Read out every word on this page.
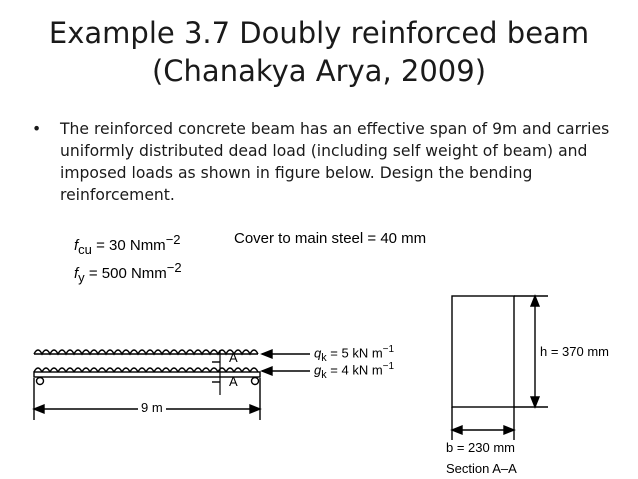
Example 3.7 Doubly reinforced beam
(Chanakya Arya, 2009)
• The reinforced concrete beam has an effective span of 9m and carries uniformly distributed dead load (including self weight of beam) and imposed loads as shown in figure below. Design the bending reinforcement.
$f_{cu} = 30$ Nmm$^{-2}$
$f_y = 500$ Nmm$^{-2}$
Cover to main steel = 40 mm
A
A
$q_k = 5$ kN $m^{-1}$
$g_k = 4$ kN $m^{-1}$
9 m
h = 370 mm
b = 230 mm
Section A–A
